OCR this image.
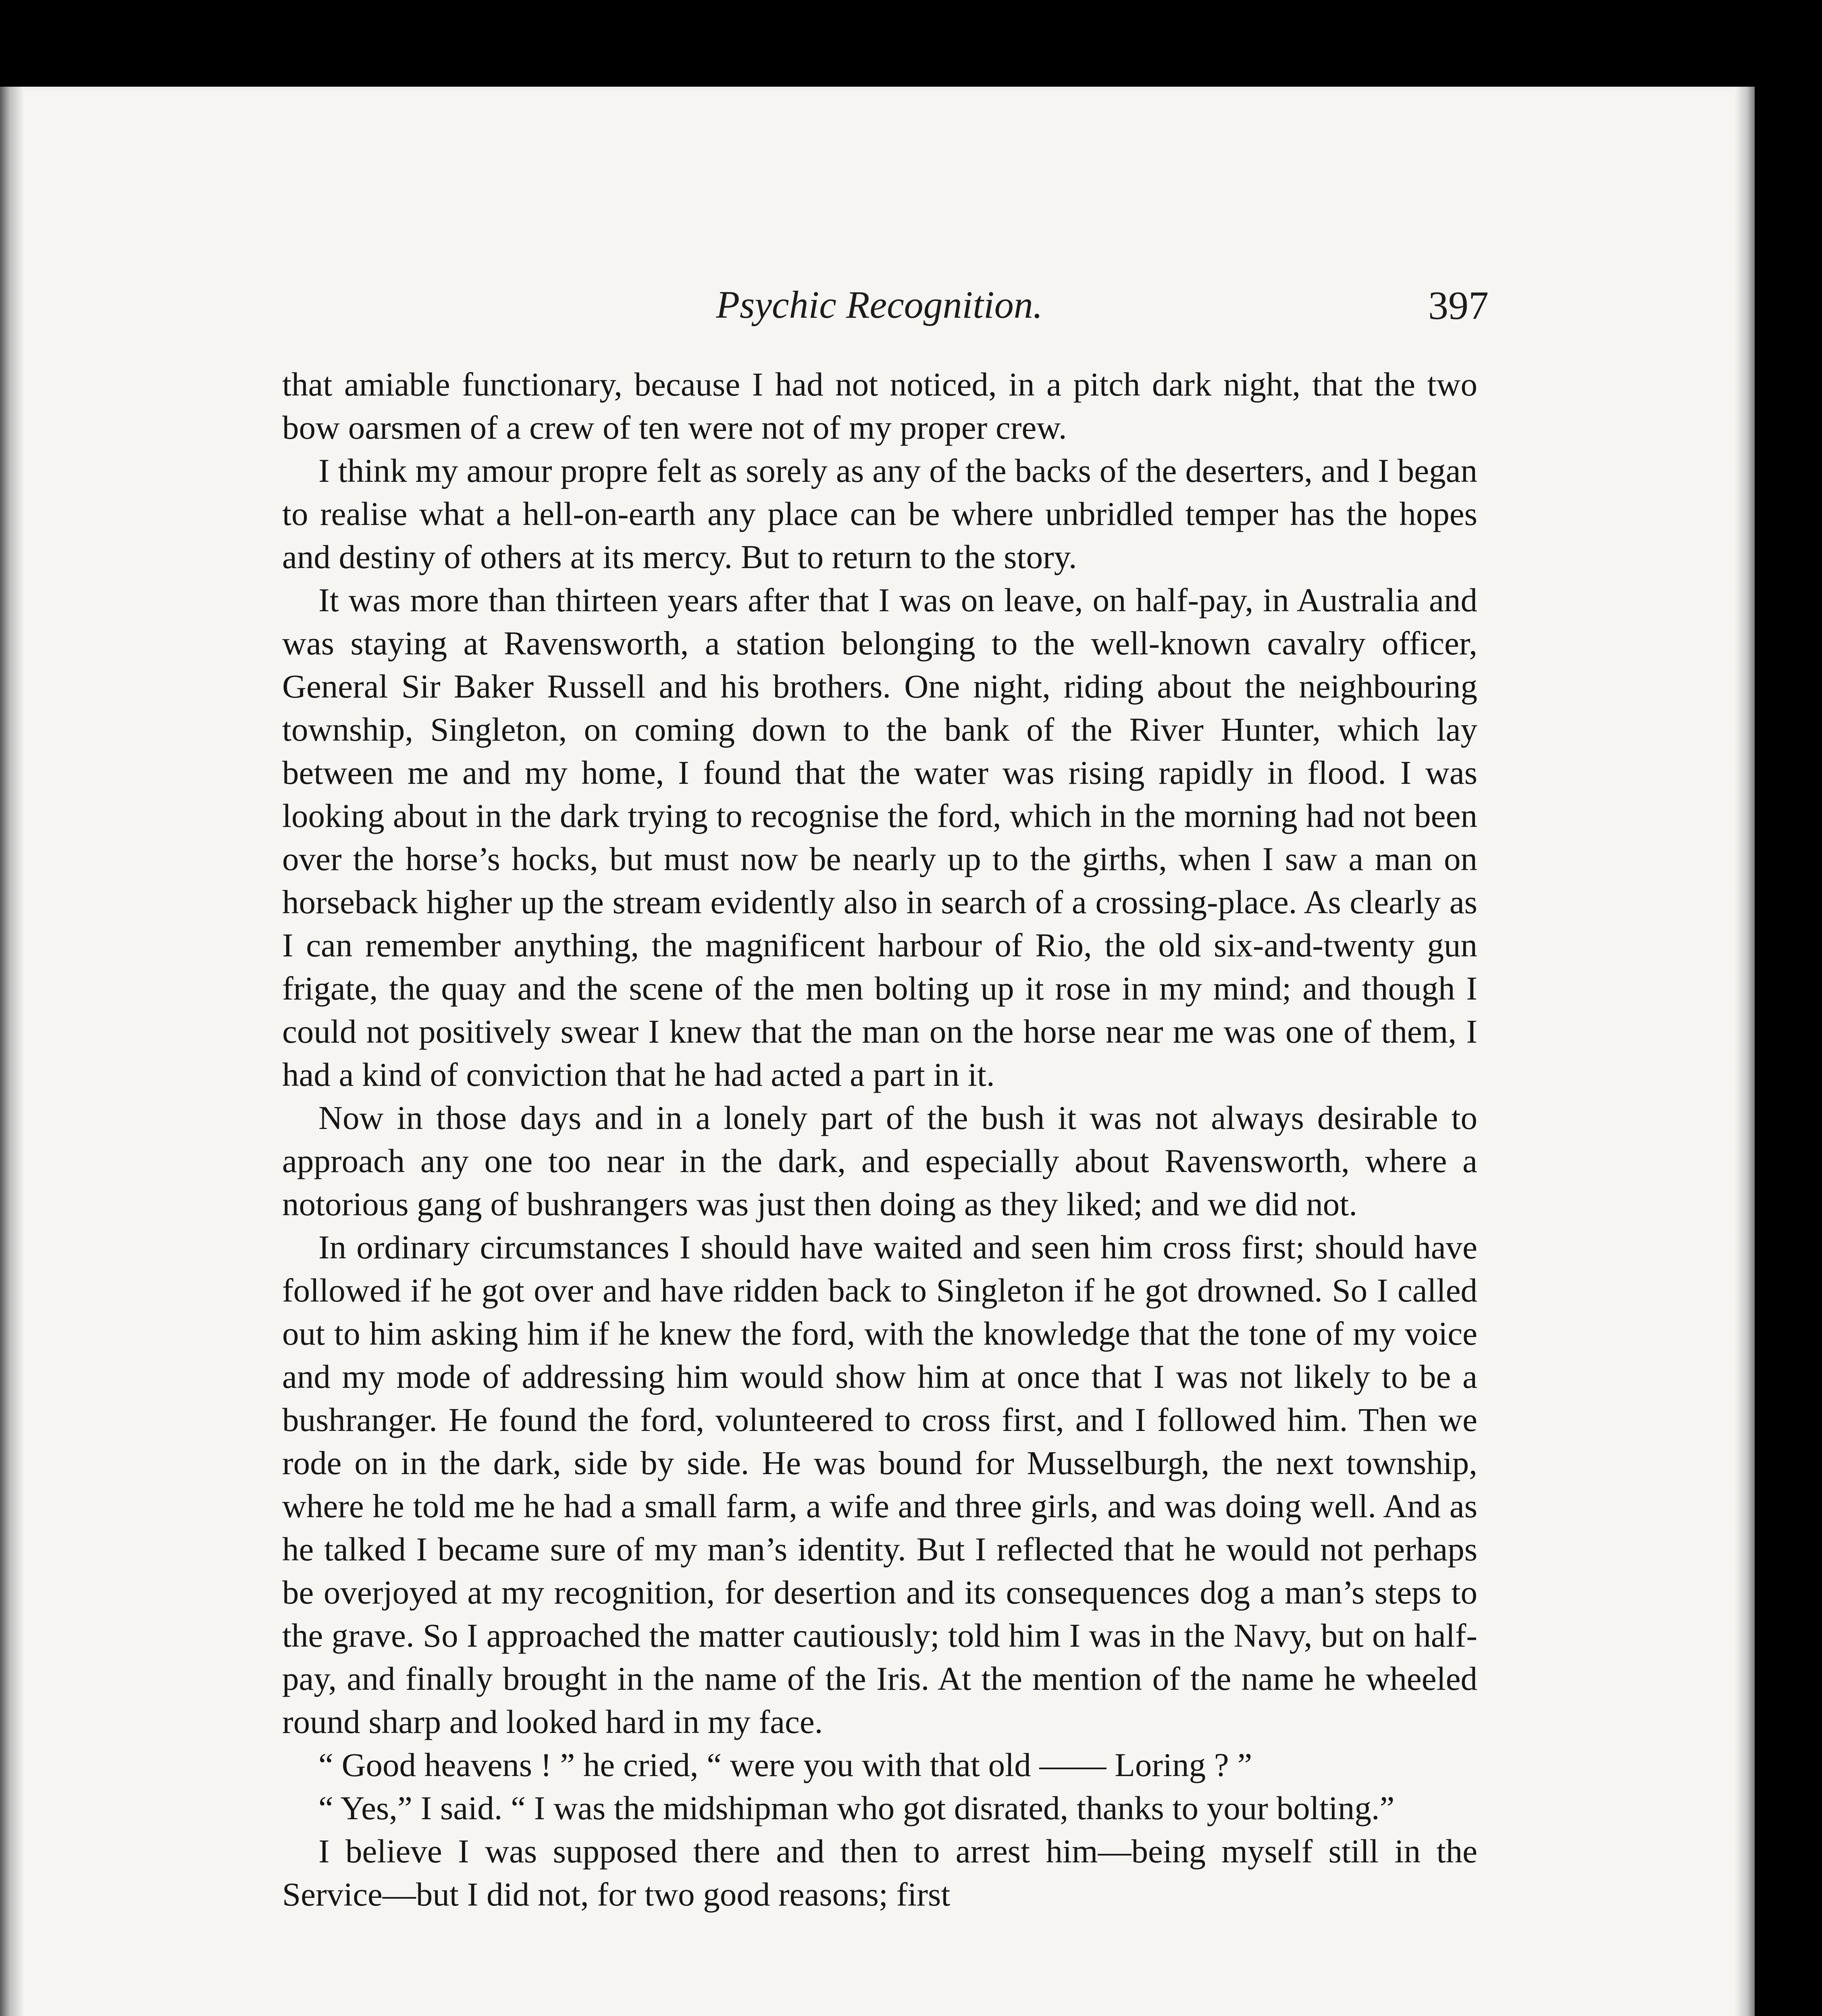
Psychic Recognition.	397

that amiable functionary, because I had not noticed, in a pitch dark night, that the two bow oarsmen of a crew of ten were not of my proper crew.

I think my amour propre felt as sorely as any of the backs of the deserters, and I began to realise what a hell-on-earth any place can be where unbridled temper has the hopes and destiny of others at its mercy. But to return to the story.

It was more than thirteen years after that I was on leave, on half-pay, in Australia and was staying at Ravensworth, a station belonging to the well-known cavalry officer, General Sir Baker Russell and his brothers. One night, riding about the neighbouring township, Singleton, on coming down to the bank of the River Hunter, which lay between me and my home, I found that the water was rising rapidly in flood. I was looking about in the dark trying to recognise the ford, which in the morning had not been over the horse’s hocks, but must now be nearly up to the girths, when I saw a man on horseback higher up the stream evidently also in search of a crossing-place. As clearly as I can remember anything, the magnificent harbour of Rio, the old six-and-twenty gun frigate, the quay and the scene of the men bolting up it rose in my mind; and though I could not positively swear I knew that the man on the horse near me was one of them, I had a kind of conviction that he had acted a part in it.

Now in those days and in a lonely part of the bush it was not always desirable to approach any one too near in the dark, and especially about Ravensworth, where a notorious gang of bushrangers was just then doing as they liked; and we did not.

In ordinary circumstances I should have waited and seen him cross first; should have followed if he got over and have ridden back to Singleton if he got drowned. So I called out to him asking him if he knew the ford, with the knowledge that the tone of my voice and my mode of addressing him would show him at once that I was not likely to be a bushranger. He found the ford, volunteered to cross first, and I followed him. Then we rode on in the dark, side by side. He was bound for Musselburgh, the next township, where he told me he had a small farm, a wife and three girls, and was doing well. And as he talked I became sure of my man’s identity. But I reflected that he would not perhaps be overjoyed at my recognition, for desertion and its consequences dog a man’s steps to the grave. So I approached the matter cautiously; told him I was in the Navy, but on half-pay, and finally brought in the name of the Iris. At the mention of the name he wheeled round sharp and looked hard in my face.

“ Good heavens ! ” he cried, “ were you with that old —— Loring ? ”

“ Yes,” I said. “ I was the midshipman who got disrated, thanks to your bolting.”

I believe I was supposed there and then to arrest him—being myself still in the Service—but I did not, for two good reasons; first
